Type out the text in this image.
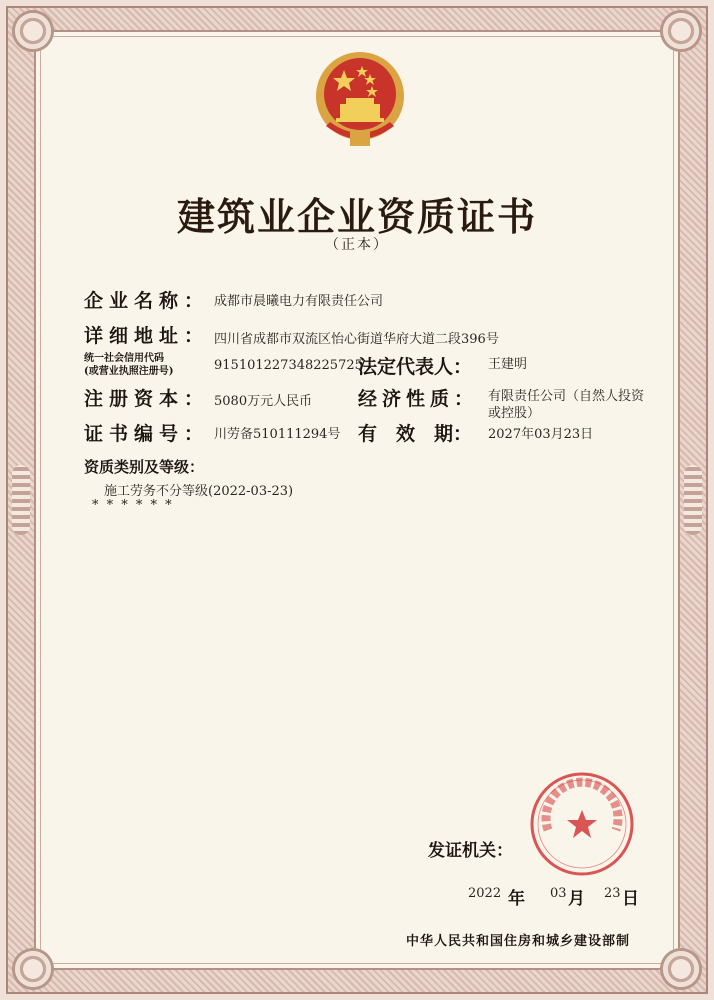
建筑业企业资质证书
（正本）
企业名称： 成都市晨曦电力有限责任公司
详细地址： 四川省成都市双流区怡心街道华府大道二段396号
统一社会信用代码
(或营业执照注册号)	91510122734822572​5
法定代表人： 王建明
注册资本： 5080万元人民币 经济性质： 有限责任公司（自然人投资
或控股）
证书编号： 川劳备510111294号 有　效　期： 2027年03月23日
资质类别及等级：
施工劳务不分等级(2022-03-23)
* * * * * *
发证机关：
2022 年 03 月 23 日
中华人民共和国住房和城乡建设部制
